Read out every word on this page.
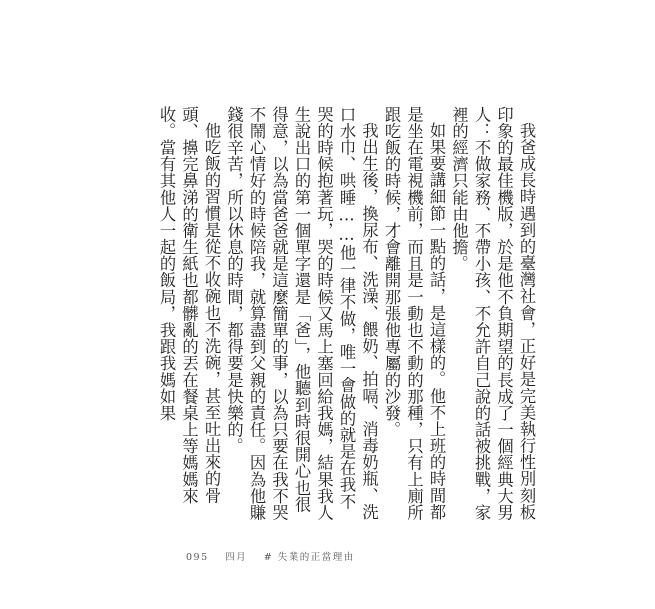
我爸成長時遇到的臺灣社會，正好是完美執行性別刻板印象的最佳機版，於是他不負期望的長成了一個經典大男人：不做家務、不帶小孩、不允許自己說的話被挑戰，家裡的經濟只能由他擔。

如果要講細節一點的話，是這樣的。他不上班的時間都是坐在電視機前，而且是一動也不動的那種，只有上廁所跟吃飯的時候，才會離開那張他專屬的沙發。

我出生後，換尿布、洗澡、餵奶、拍嗝、消毒奶瓶、洗口水巾、哄睡……他一律不做，唯一會做的就是在我不哭的時候抱著玩，哭的時候又馬上塞回給我媽，結果我人生說出口的第一個單字還是「爸」，他聽到時很開心也很得意，以為當爸爸就是這麼簡單的事，以為只要在我不哭不鬧心情好的時候陪我，就算盡到父親的責任。因為他賺錢很辛苦，所以休息的時間，都得要是快樂的。

他吃飯的習慣是從不收碗也不洗碗，甚至吐出來的骨頭、擤完鼻涕的衛生紙也都髒亂的丟在餐桌上等媽媽來收。當有其他人一起的飯局，我跟我媽如果

095 四月 # 失業的正當理由
